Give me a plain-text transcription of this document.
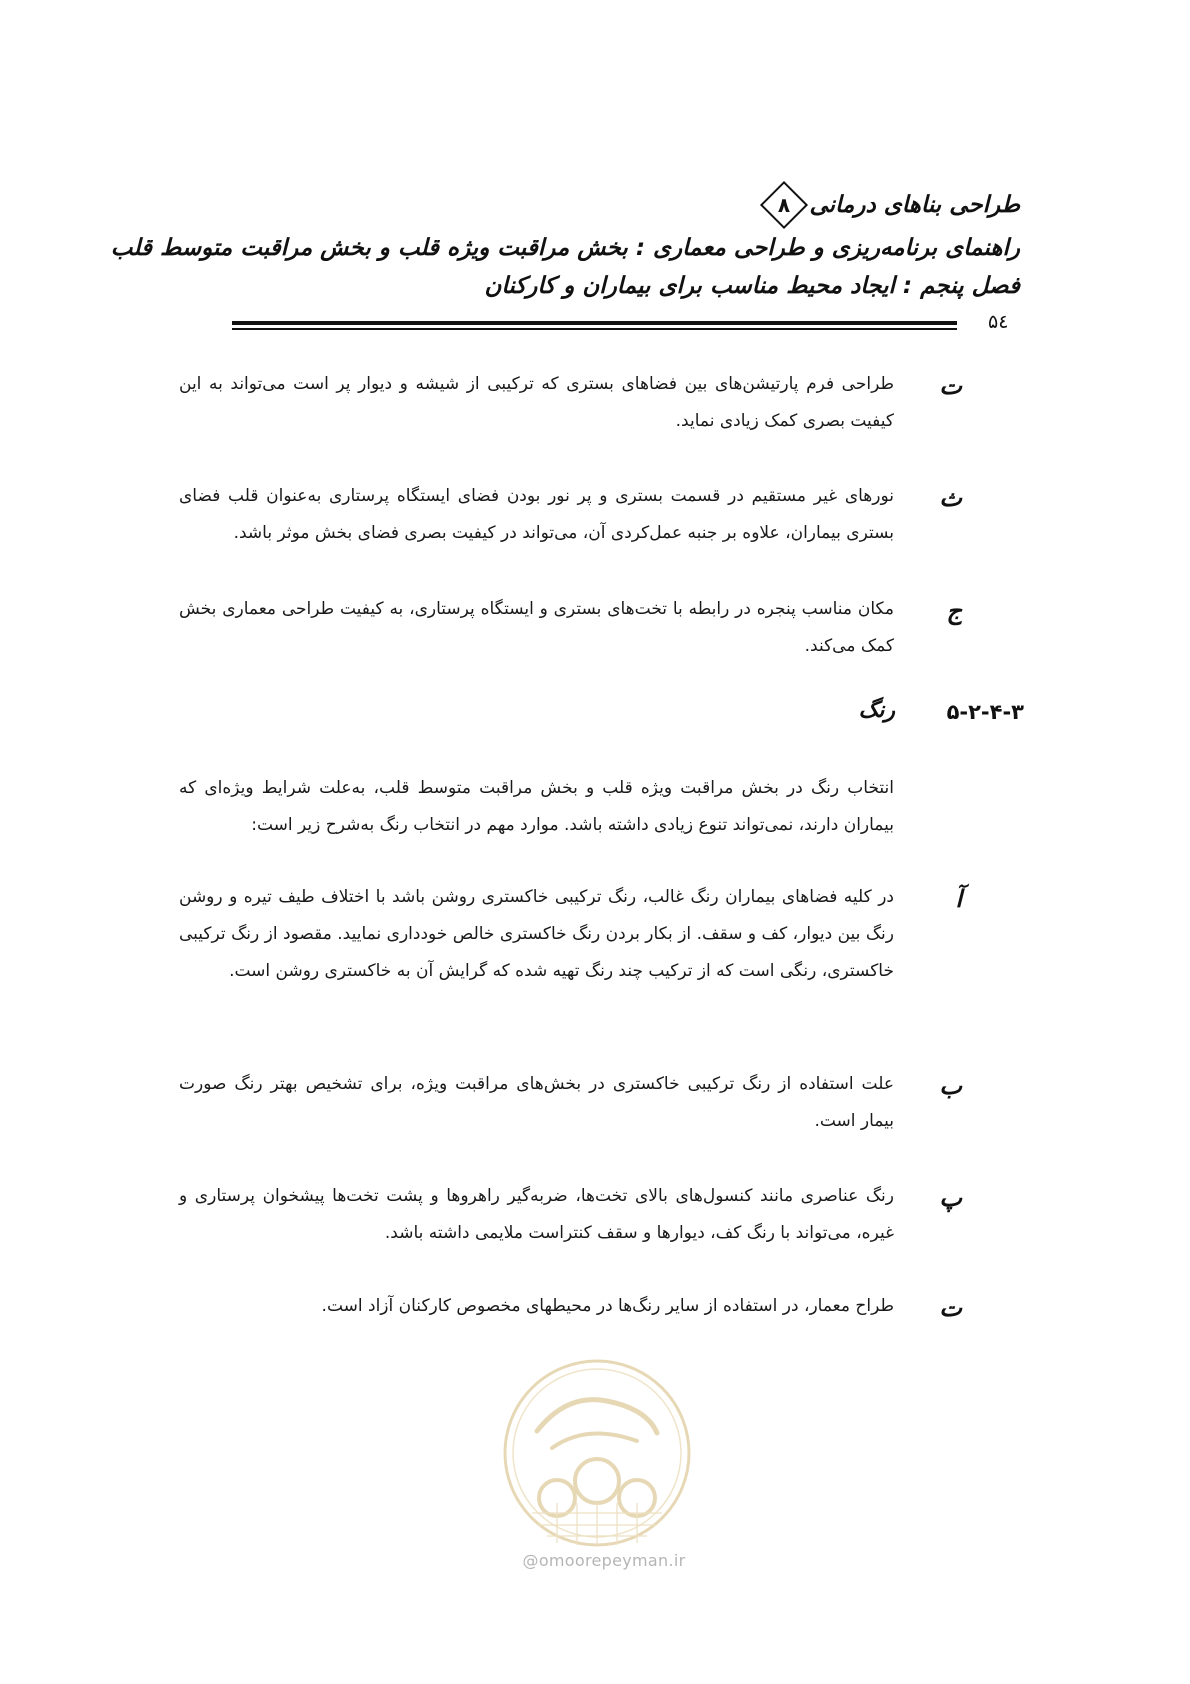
طراحی بناهای درمانی
۸
راهنمای برنامه‌ریزی و طراحی معماری : بخش مراقبت ویژه قلب و بخش مراقبت متوسط قلب
فصل پنجم : ایجاد محیط مناسب برای بیماران و کارکنان
۵٤
ت
طراحی فرم پارتیشن‌های بین فضاهای بستری که ترکیبی از شیشه و دیوار پر است می‌تواند به این کیفیت بصری کمک زیادی نماید.
ث
نورهای غیر مستقیم در قسمت بستری و پر نور بودن فضای ایستگاه پرستاری به‌عنوان قلب فضای بستری بیماران، علاوه بر جنبه عمل‌کردی آن، می‌تواند در کیفیت بصری فضای بخش موثر باشد.
ج
مکان مناسب پنجره در رابطه با تخت‌های بستری و ایستگاه پرستاری، به کیفیت طراحی معماری بخش کمک می‌کند.
۵-۲-۴-۳
رنگ
انتخاب رنگ در بخش مراقبت ویژه قلب و بخش مراقبت متوسط قلب، به‌علت شرایط ویژه‌ای که بیماران دارند، نمی‌تواند تنوع زیادی داشته باشد. موارد مهم در انتخاب رنگ به‌شرح زیر است:
آ
در کلیه فضاهای بیماران رنگ غالب، رنگ ترکیبی خاکستری روشن باشد با اختلاف طیف تیره و روشن رنگ بین دیوار، کف و سقف. از بکار بردن رنگ خاکستری خالص خودداری نمایید. مقصود از رنگ ترکیبی خاکستری، رنگی است که از ترکیب چند رنگ تهیه شده که گرایش آن به خاکستری روشن است.
ب
علت استفاده از رنگ ترکیبی خاکستری در بخش‌های مراقبت ویژه، برای تشخیص بهتر رنگ صورت بیمار است.
پ
رنگ عناصری مانند کنسول‌های بالای تخت‌ها، ضربه‌گیر راهروها و پشت تخت‌ها پیشخوان پرستاری و غیره، می‌تواند با رنگ کف، دیوارها و سقف کنتراست ملایمی داشته باشد.
ت
طراح معمار، در استفاده از سایر رنگ‌ها در محیطهای مخصوص کارکنان آزاد است.
@omoorepeyman.ir
